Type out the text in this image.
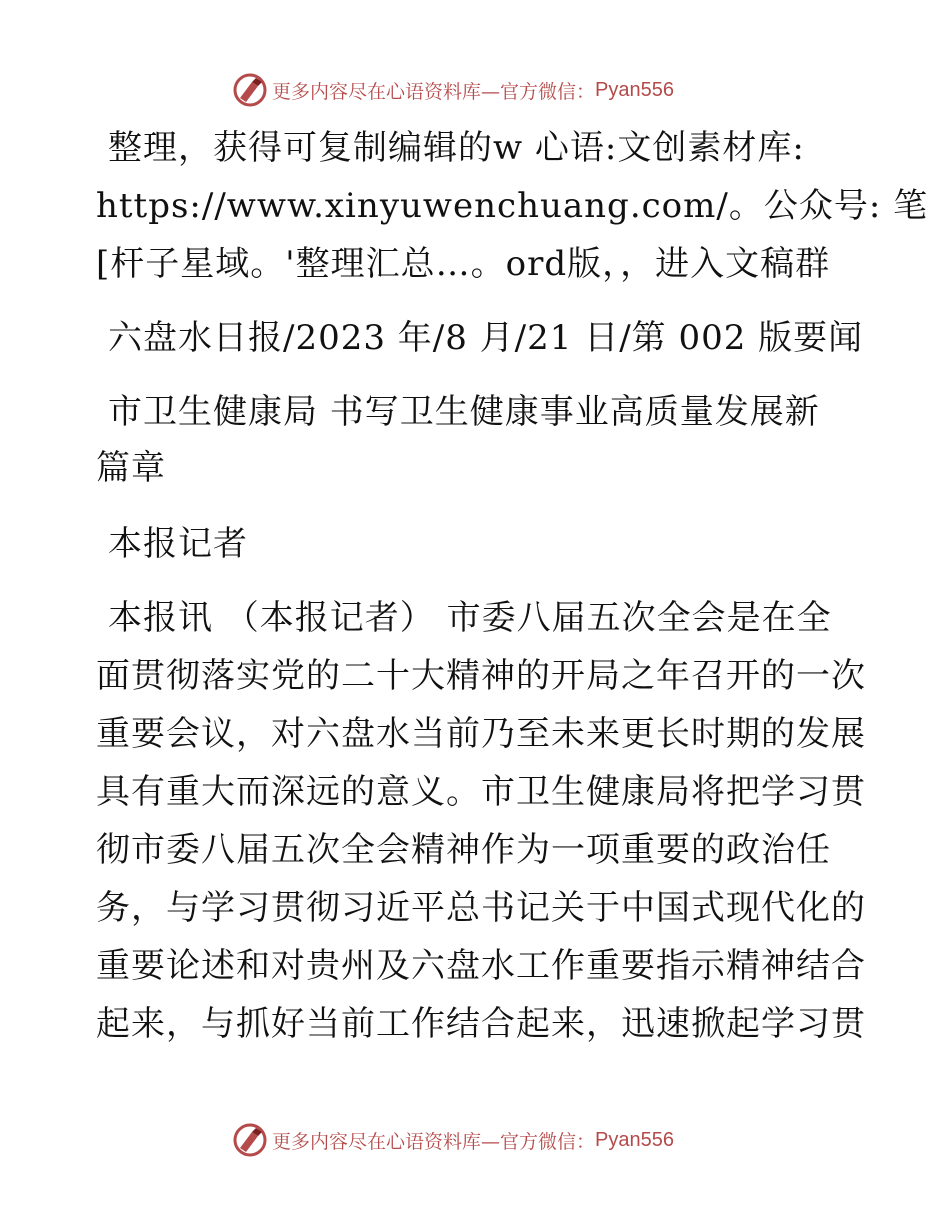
更多内容尽在心语资料库—官方微信： Pyan556
整理，获得可复制编辑的w 心语:文创素材库:
https://www.xinyuwenchuang.com/。公众号: 笔
[杆子星域。'整理汇总…。ord版，，进入文稿群
六盘水日报/2023 年/8 月/21 日/第 002 版要闻
市卫生健康局 书写卫生健康事业高质量发展新
篇章
本报记者
本报讯 （本报记者） 市委八届五次全会是在全
面贯彻落实党的二十大精神的开局之年召开的一次
重要会议，对六盘水当前乃至未来更长时期的发展
具有重大而深远的意义。市卫生健康局将把学习贯
彻市委八届五次全会精神作为一项重要的政治任
务，与学习贯彻习近平总书记关于中国式现代化的
重要论述和对贵州及六盘水工作重要指示精神结合
起来，与抓好当前工作结合起来，迅速掀起学习贯
更多内容尽在心语资料库—官方微信： Pyan556
